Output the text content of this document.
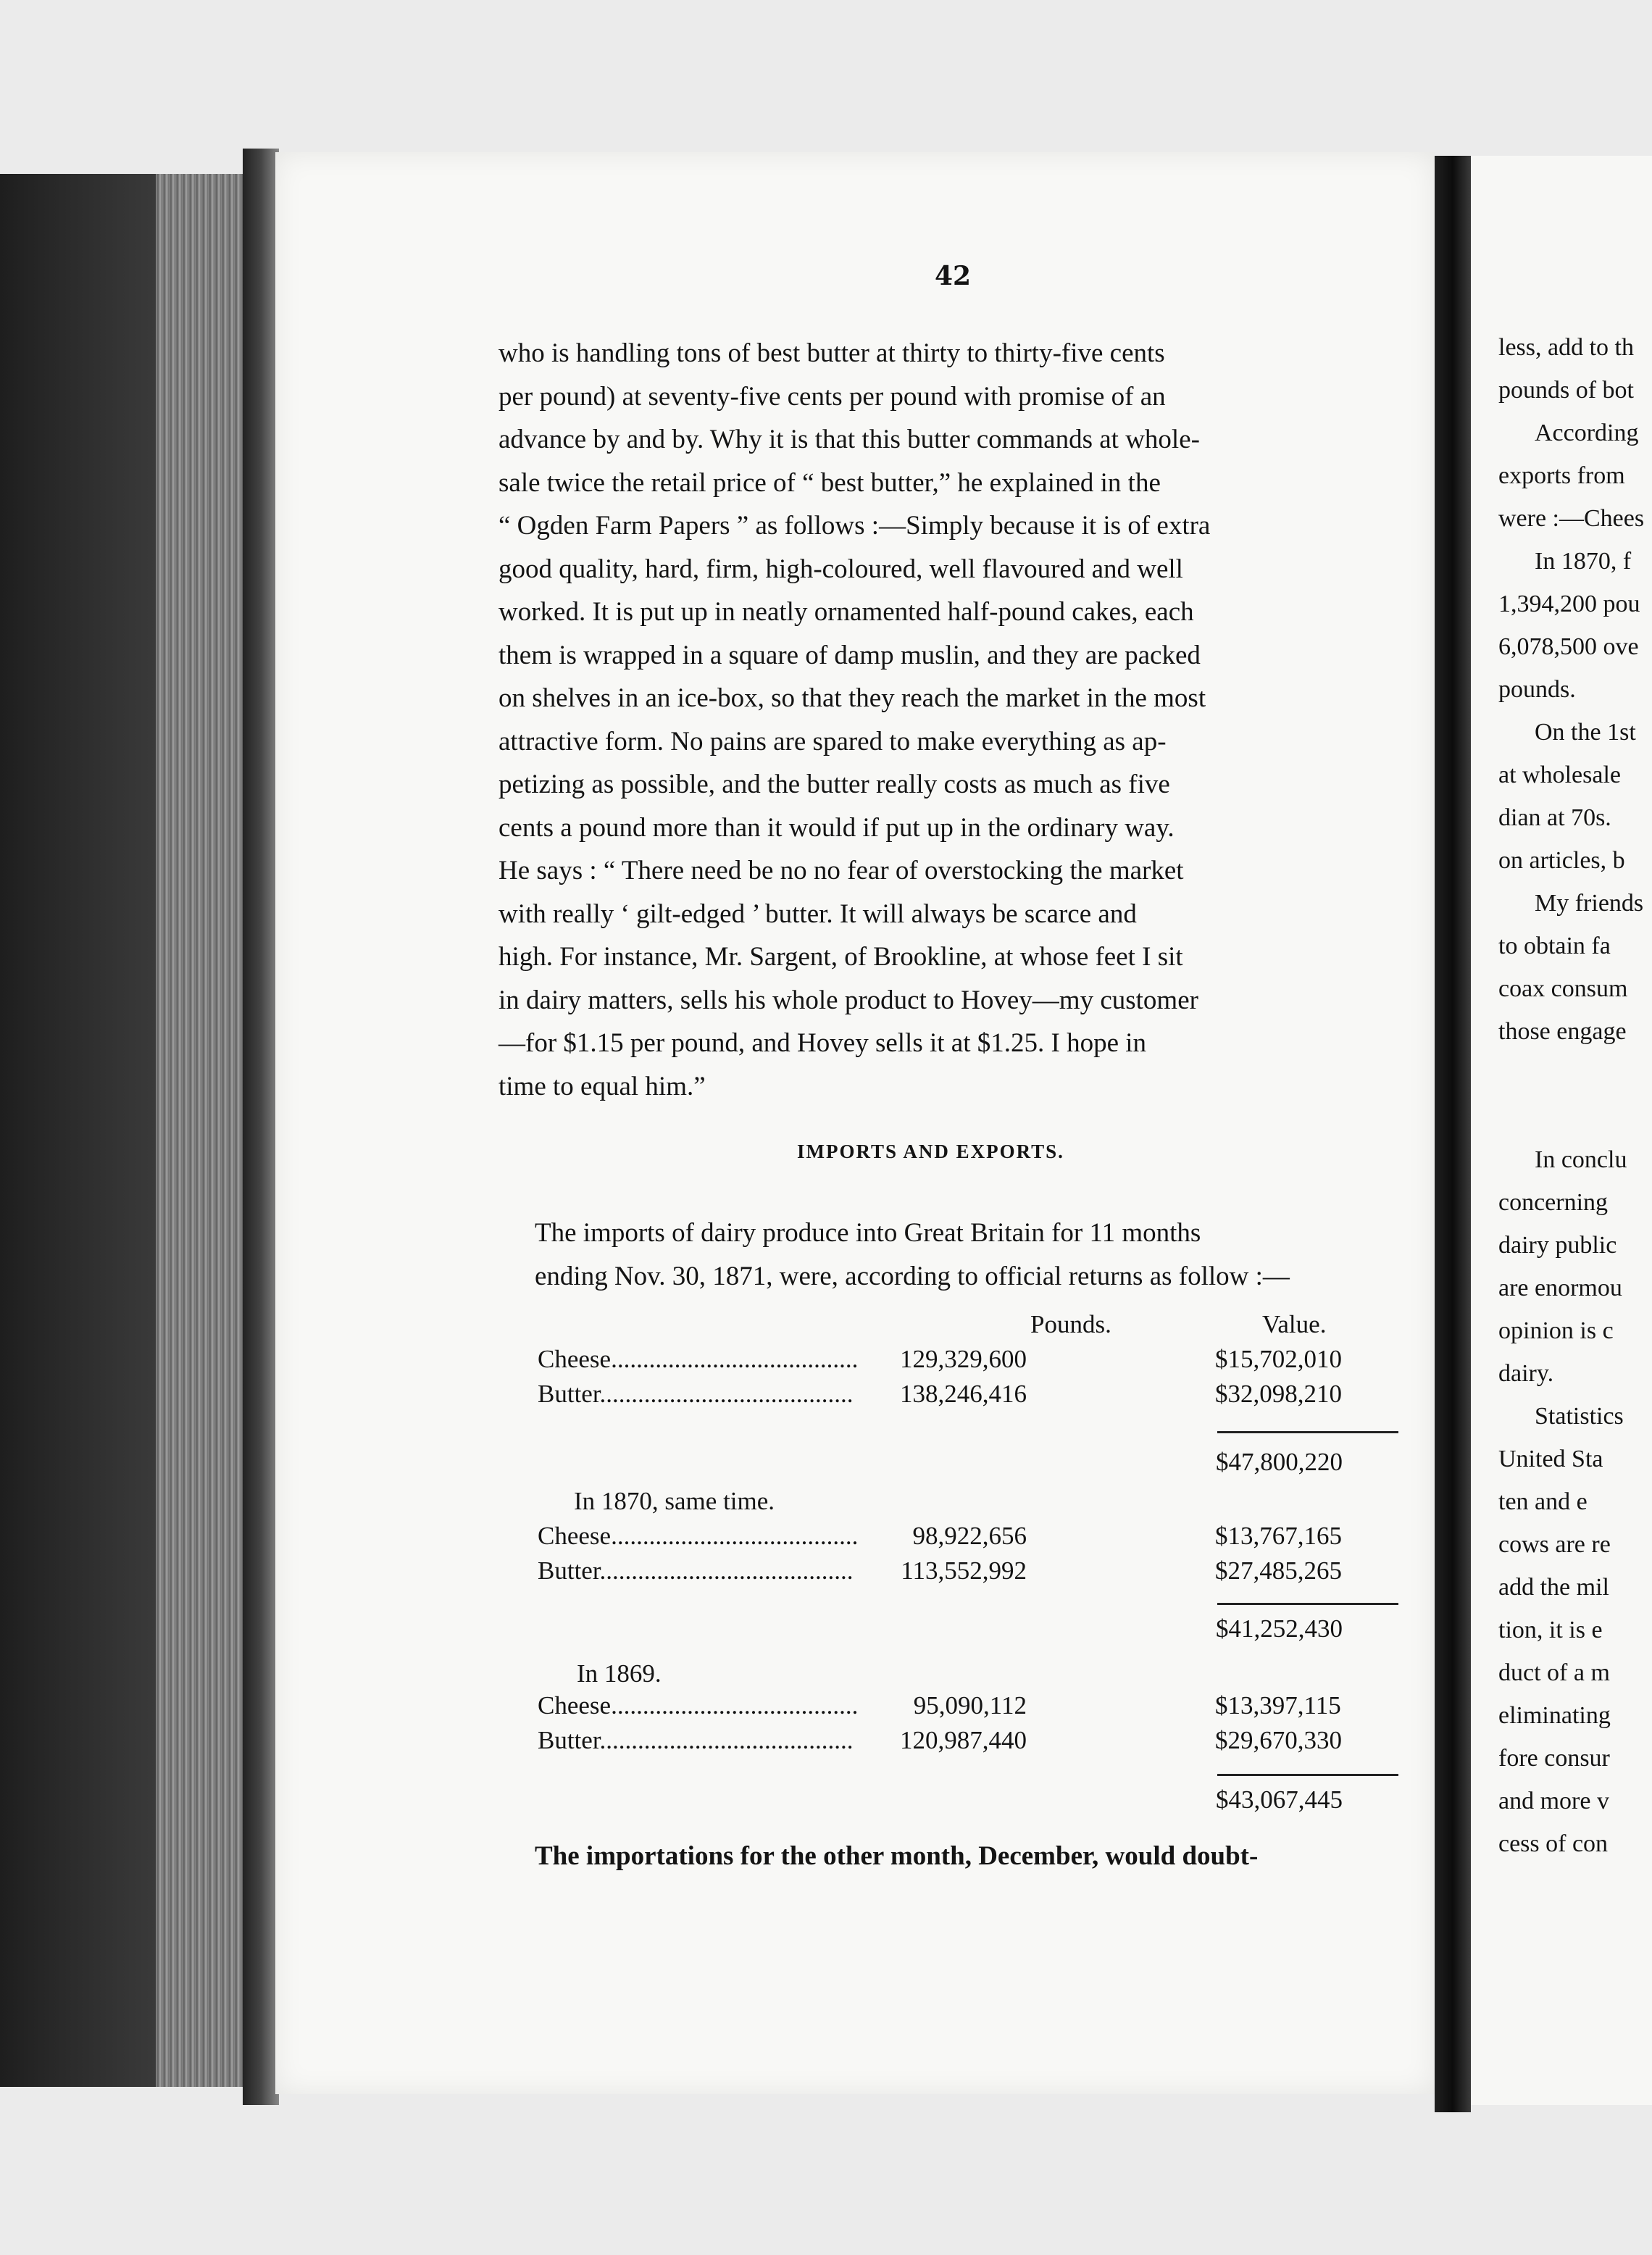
42

who is handling tons of best butter at thirty to thirty-five cents

per pound) at seventy-five cents per pound with promise of an

advance by and by. Why it is that this butter commands at whole-

sale twice the retail price of “ best butter,” he explained in the

“ Ogden Farm Papers ” as follows :—Simply because it is of extra

good quality, hard, firm, high-coloured, well flavoured and well

worked. It is put up in neatly ornamented half-pound cakes, each

them is wrapped in a square of damp muslin, and they are packed

on shelves in an ice-box, so that they reach the market in the most

attractive form. No pains are spared to make everything as ap-

petizing as possible, and the butter really costs as much as five

cents a pound more than it would if put up in the ordinary way.

He says : “ There need be no no fear of overstocking the market

with really ‘ gilt-edged ’ butter. It will always be scarce and

high. For instance, Mr. Sargent, of Brookline, at whose feet I sit

in dairy matters, sells his whole product to Hovey—my customer

—for $1.15 per pound, and Hovey sells it at $1.25. I hope in

time to equal him.”

IMPORTS AND EXPORTS.
The imports of dairy produce into Great Britain for 11 months
ending Nov. 30, 1871, were, according to official returns as follow :—
Pounds.	Value.
Cheese.......................................	129,329,600	$15,702,010
Butter........................................	138,246,416	$32,098,210
$47,800,220
In 1870, same time.
Cheese.......................................	98,922,656	$13,767,165
Butter........................................	113,552,992	$27,485,265
$41,252,430
In 1869.
Cheese.......................................	95,090,112	$13,397,115
Butter........................................	120,987,440	$29,670,330
$43,067,445
The importations for the other month, December, would doubt-
less, add to th
pounds of bot
According
exports from
were :—Chees
In 1870, f
1,394,200 pou
6,078,500 ove
pounds.
On the 1st
at wholesale
dian at 70s.
on articles, b
My friends
to obtain fa
coax consum
those engage
In conclu
concerning
dairy public
are enormou
opinion is c
dairy.
Statistics
United Sta
ten and e
cows are re
add the mil
tion, it is e
duct of a m
eliminating
fore consur
and more v
cess of con
